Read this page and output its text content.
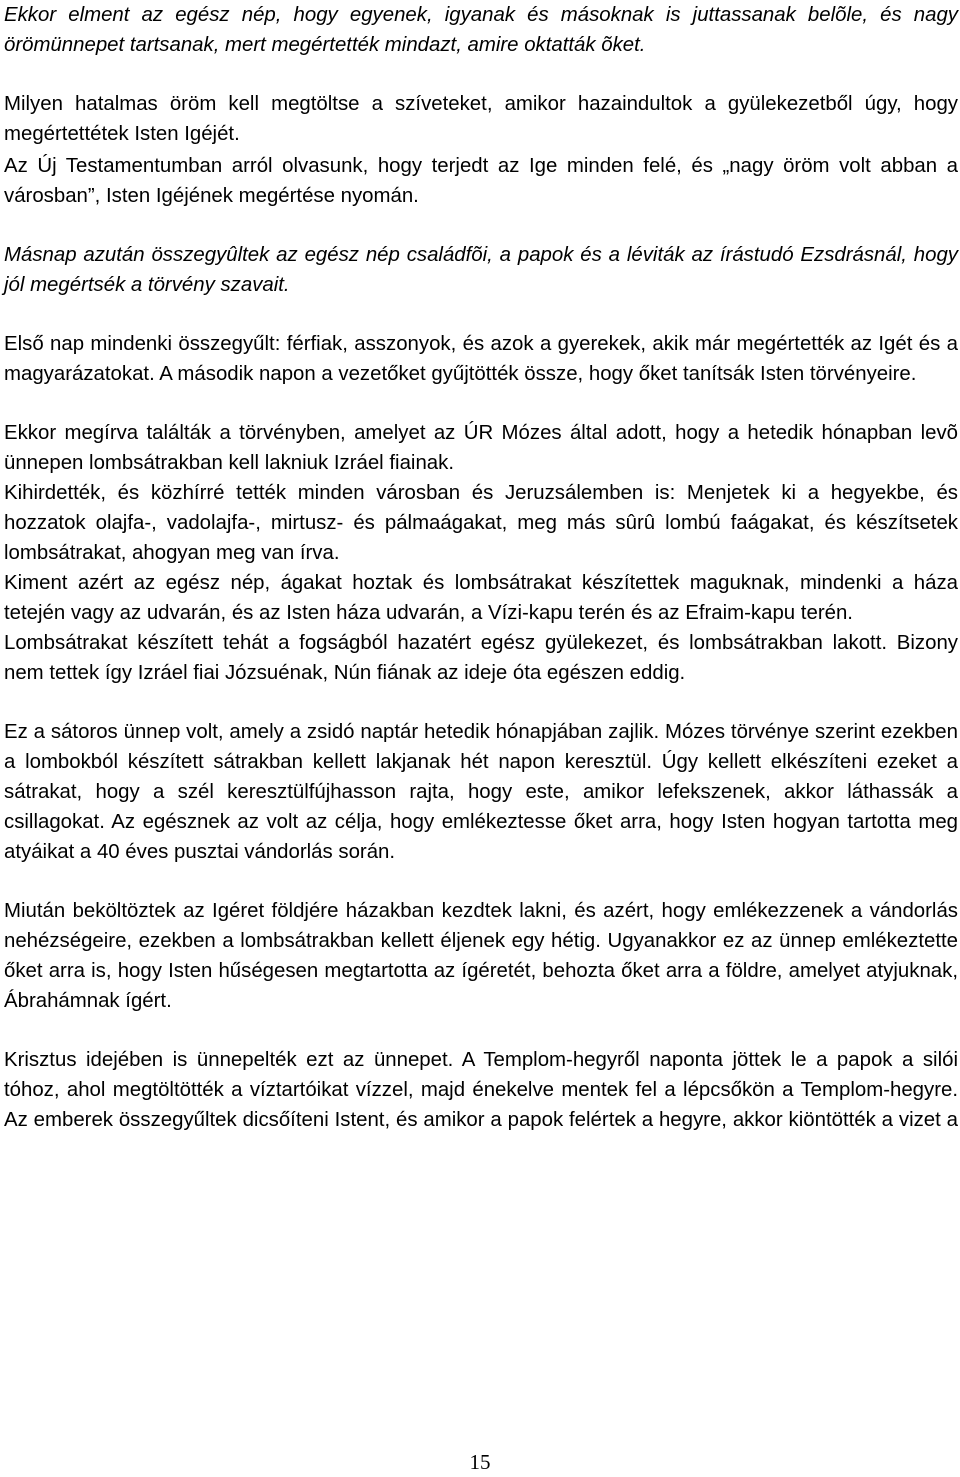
Ekkor elment az egész nép, hogy egyenek, igyanak és másoknak is juttassanak belõle, és nagy örömünnepet tartsanak, mert megértették mindazt, amire oktatták õket.

Milyen hatalmas öröm kell megtöltse a szíveteket, amikor hazaindultok a gyülekezetből úgy, hogy megértettétek Isten Igéjét.

Az Új Testamentumban arról olvasunk, hogy terjedt az Ige minden felé, és „nagy öröm volt abban a városban”, Isten Igéjének megértése nyomán.

Másnap azután összegyûltek az egész nép családfõi, a papok és a léviták az írástudó Ezsdrásnál, hogy jól megértsék a törvény szavait.

Első nap mindenki összegyűlt: férfiak, asszonyok, és azok a gyerekek, akik már megértették az Igét és a magyarázatokat. A második napon a vezetőket gyűjtötték össze, hogy őket tanítsák Isten törvényeire.

Ekkor megírva találták a törvényben, amelyet az ÚR Mózes által adott, hogy a hetedik hónapban levõ ünnepen lombsátrakban kell lakniuk Izráel fiainak.

Kihirdették, és közhírré tették minden városban és Jeruzsálemben is: Menjetek ki a hegyekbe, és hozzatok olajfa-, vadolajfa-, mirtusz- és pálmaágakat, meg más sûrû lombú faágakat, és készítsetek lombsátrakat, ahogyan meg van írva.

Kiment azért az egész nép, ágakat hoztak és lombsátrakat készítettek maguknak, mindenki a háza tetején vagy az udvarán, és az Isten háza udvarán, a Vízi-kapu terén és az Efraim-kapu terén.

Lombsátrakat készített tehát a fogságból hazatért egész gyülekezet, és lombsátrakban lakott. Bizony nem tettek így Izráel fiai Józsuénak, Nún fiának az ideje óta egészen eddig.

Ez a sátoros ünnep volt, amely a zsidó naptár hetedik hónapjában zajlik. Mózes törvénye szerint ezekben a lombokból készített sátrakban kellett lakjanak hét napon keresztül. Úgy kellett elkészíteni ezeket a sátrakat, hogy a szél keresztülfújhasson rajta, hogy este, amikor lefekszenek, akkor láthassák a csillagokat. Az egésznek az volt az célja, hogy emlékeztesse őket arra, hogy Isten hogyan tartotta meg atyáikat a 40 éves pusztai vándorlás során.

Miután beköltöztek az Igéret földjére házakban kezdtek lakni, és azért, hogy emlékezzenek a vándorlás nehézségeire, ezekben a lombsátrakban kellett éljenek egy hétig. Ugyanakkor ez az ünnep emlékeztette őket arra is, hogy Isten hűségesen megtartotta az ígéretét, behozta őket arra a földre, amelyet atyjuknak, Ábrahámnak ígért.

Krisztus idejében is ünnepelték ezt az ünnepet. A Templom-hegyről naponta jöttek le a papok a silói tóhoz, ahol megtöltötték a víztartóikat vízzel, majd énekelve mentek fel a lépcsőkön a Templom-hegyre. Az emberek összegyűltek dicsőíteni Istent, és amikor a papok felértek a hegyre, akkor kiöntötték a vizet a

15
